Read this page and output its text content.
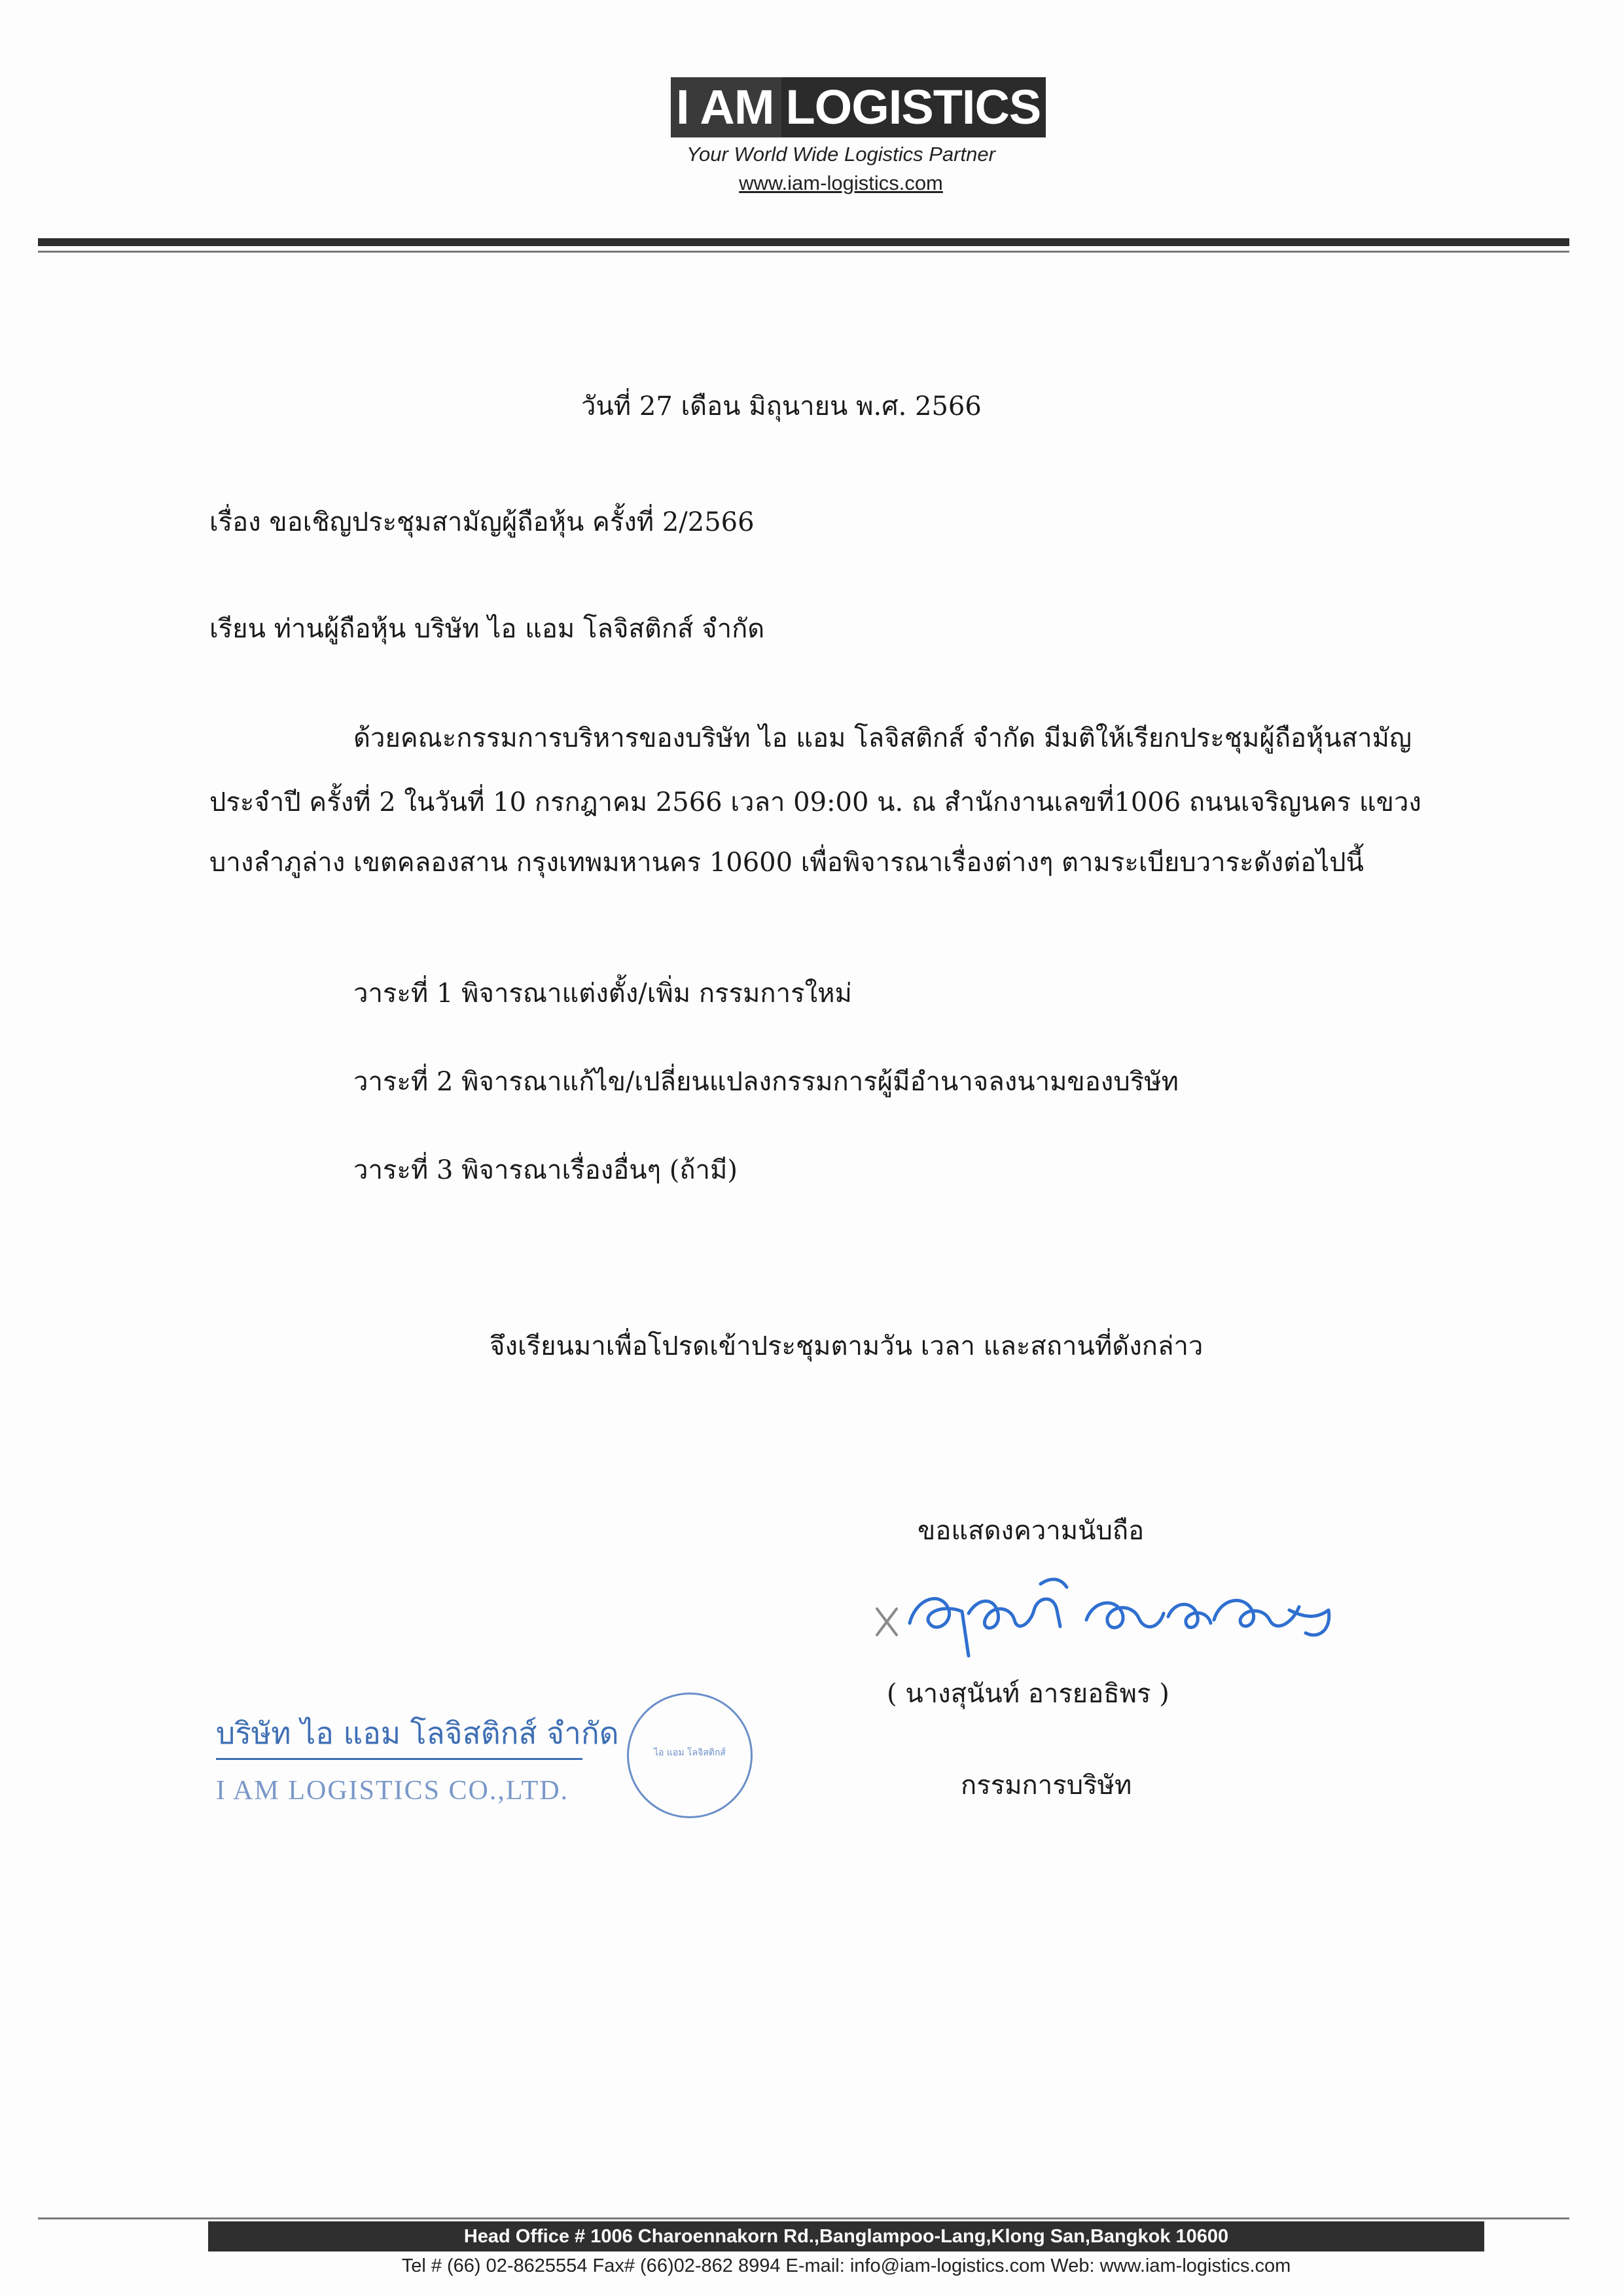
I AM LOGISTICS
Your World Wide Logistics Partner
www.iam-logistics.com
วันที่ 27 เดือน มิถุนายน พ.ศ. 2566
เรื่อง ขอเชิญประชุมสามัญผู้ถือหุ้น ครั้งที่ 2/2566
เรียน ท่านผู้ถือหุ้น บริษัท ไอ แอม โลจิสติกส์ จำกัด
ด้วยคณะกรรมการบริหารของบริษัท ไอ แอม โลจิสติกส์ จำกัด มีมติให้เรียกประชุมผู้ถือหุ้นสามัญ
ประจำปี ครั้งที่ 2 ในวันที่ 10 กรกฎาคม 2566 เวลา 09:00 น. ณ สำนักงานเลขที่1006 ถนนเจริญนคร แขวง
บางลำภูล่าง เขตคลองสาน กรุงเทพมหานคร 10600 เพื่อพิจารณาเรื่องต่างๆ ตามระเบียบวาระดังต่อไปนี้
วาระที่ 1 พิจารณาแต่งตั้ง/เพิ่ม กรรมการใหม่
วาระที่ 2 พิจารณาแก้ไข/เปลี่ยนแปลงกรรมการผู้มีอำนาจลงนามของบริษัท
วาระที่ 3 พิจารณาเรื่องอื่นๆ (ถ้ามี)
จึงเรียนมาเพื่อโปรดเข้าประชุมตามวัน เวลา และสถานที่ดังกล่าว
ขอแสดงความนับถือ
( นางสุนันท์ อารยอธิพร )
กรรมการบริษัท
บริษัท ไอ แอม โลจิสติกส์ จำกัด
I AM LOGISTICS CO.,LTD.
ไอ แอม โลจิสติกส์
Head Office # 1006 Charoennakorn Rd.,Banglampoo-Lang,Klong San,Bangkok 10600
Tel # (66) 02-8625554 Fax# (66)02-862 8994 E-mail: info@iam-logistics.com Web: www.iam-logistics.com
